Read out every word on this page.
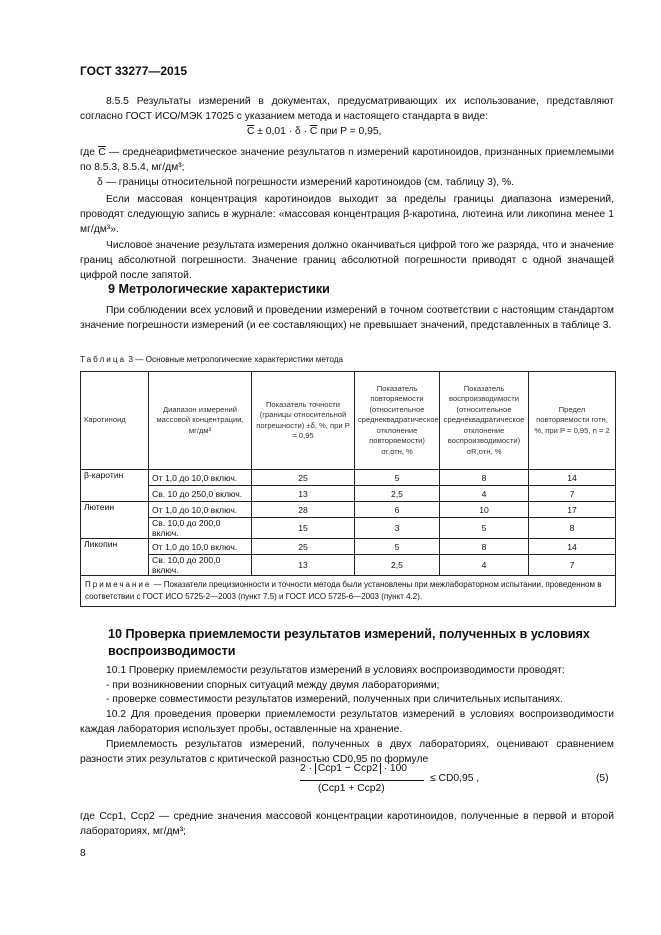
ГОСТ 33277—2015
8.5.5 Результаты измерений в документах, предусматривающих их использование, представляют согласно ГОСТ ИСО/МЭК 17025 с указанием метода и настоящего стандарта в виде:
$\overline{C} \pm 0,01 \cdot \delta \cdot \overline{C}$ при P = 0,95,
где $\overline{C}$ — среднеарифметическое значение результатов n измерений каротиноидов, признанных приемлемыми по 8.5.3, 8.5.4, мг/дм³;
δ — границы относительной погрешности измерений каротиноидов (см. таблицу 3), %.
Если массовая концентрация каротиноидов выходит за пределы границы диапазона измерений, проводят следующую запись в журнале: «массовая концентрация β-каротина, лютеина или ликопина менее 1 мг/дм³».
Числовое значение результата измерения должно оканчиваться цифрой того же разряда, что и значение границ абсолютной погрешности. Значение границ абсолютной погрешности приводят с одной значащей цифрой после запятой.
9 Метрологические характеристики
При соблюдении всех условий и проведении измерений в точном соответствии с настоящим стандартом значение погрешности измерений (и ее составляющих) не превышает значений, представленных в таблице 3.
Таблица 3 — Основные метрологические характеристики метода
Каротиноид	Диапазон измерений массовой концентрации, мг/дм³	Показатель точности (границы относительной погрешности) ±δ, %, при P = 0,95	Показатель повторяемости (относительное среднеквадратическое отклонение повторяемости) σr,отн, %	Показатель воспроизводимости (относительное среднеквадратическое отклонение воспроизводимости) σR,отн, %	Предел повторяемости rотн, %, при P = 0,95, n = 2
β-каротин	От 1,0 до 10,0 включ.	25	5	8	14
	Св. 10 до 250,0 включ.	13	2,5	4	7
Лютеин	От 1,0 до 10,0 включ.	28	6	10	17
	Св. 10,0 до 200,0 включ.	15	3	5	8
Ликопин	От 1,0 до 10,0 включ.	25	5	8	14
	Св. 10,0 до 200,0 включ.	13	2,5	4	7
Примечание — Показатели прецизионности и точности метода были установлены при межлабораторном испытании, проведенном в соответствии с ГОСТ ИСО 5725-2—2003 (пункт 7.5) и ГОСТ ИСО 5725-6—2003 (пункт 4.2).					
10 Проверка приемлемости результатов измерений, полученных в условиях воспроизводимости
10.1 Проверку приемлемости результатов измерений в условиях воспроизводимости проводят:
- при возникновении спорных ситуаций между двумя лабораториями;
- проверке совместимости результатов измерений, полученных при сличительных испытаниях.
10.2 Для проведения проверки приемлемости результатов измерений в условиях воспроизводимости каждая лаборатория использует пробы, оставленные на хранение.
Приемлемость результатов измерений, полученных в двух лабораториях, оценивают сравнением разности этих результатов с критической разностью CD0,95 по формуле
2 · Cср1 − Cср2 · 100
(Cср1 + Cср2)
≤ CD0,95 ,	(5)
где Cср1, Cср2 — средние значения массовой концентрации каротиноидов, полученные в первой и второй лабораториях, мг/дм³;
8
